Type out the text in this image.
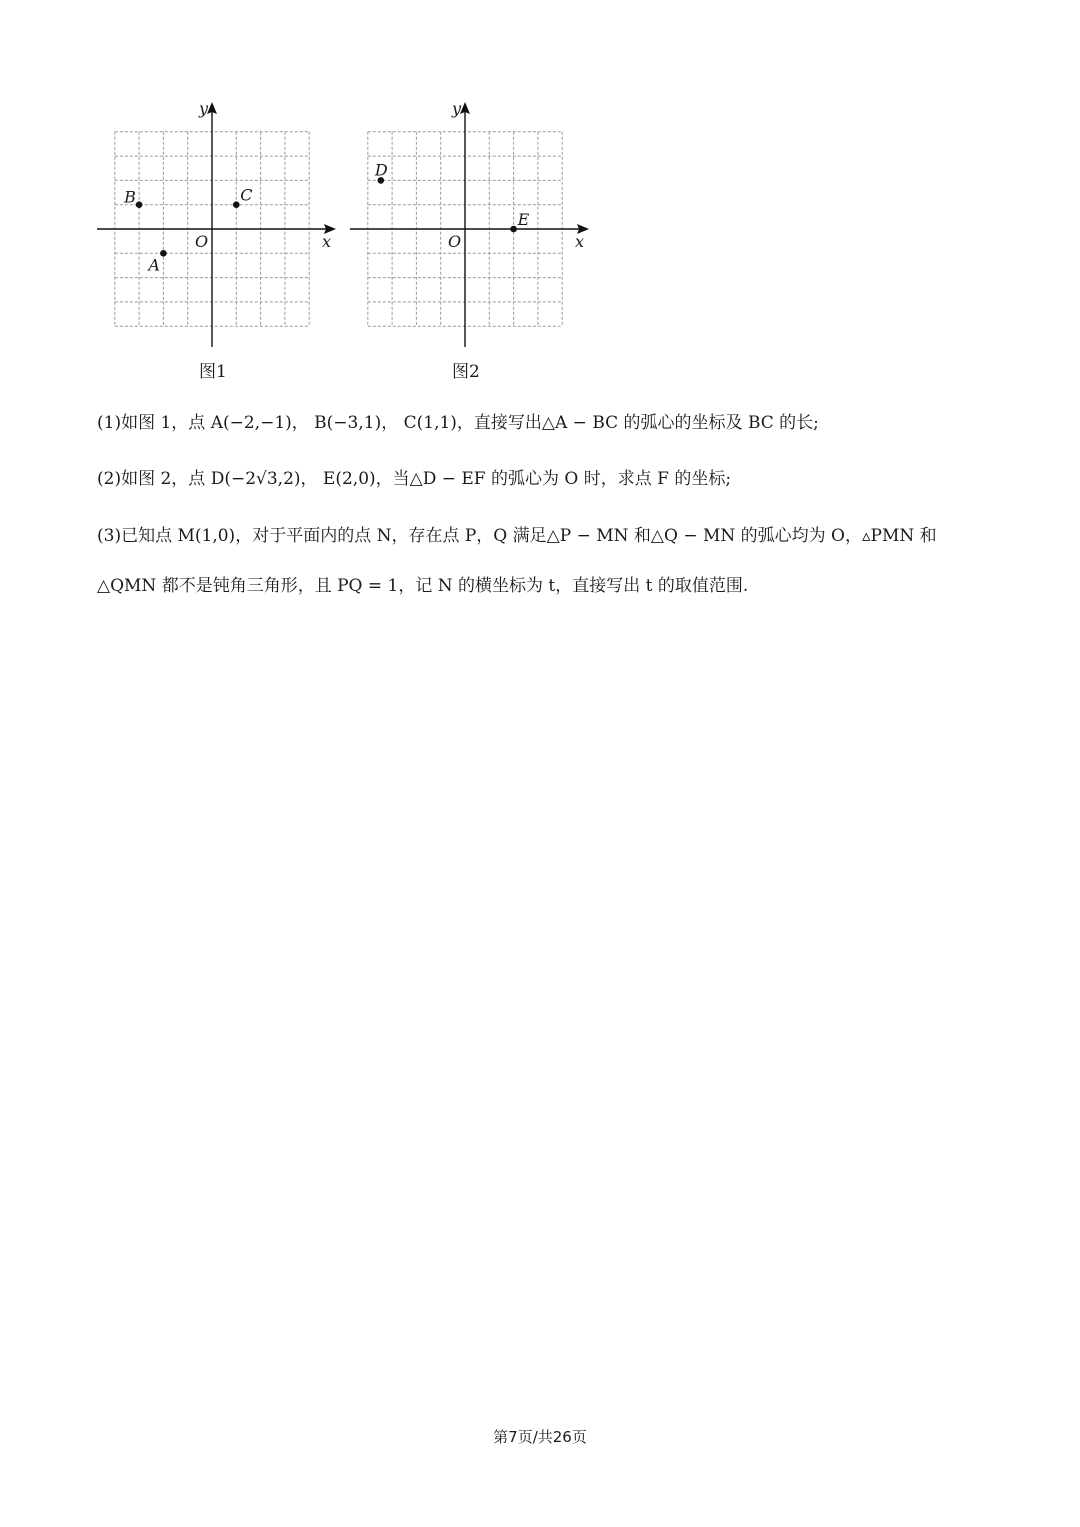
x
y
O
A
B	C
图1
x
y
O
D
E
图2
(1)如图 1，点 A(−2,−1)， B(−3,1)， C(1,1)，直接写出△A − BC 的弧心的坐标及 BC 的长;
(2)如图 2，点 D(−2√3,2)， E(2,0)，当△D − EF 的弧心为 O 时，求点 F 的坐标;
(3)已知点 M(1,0)，对于平面内的点 N，存在点 P，Q 满足△P − MN 和△Q − MN 的弧心均为 O，▵PMN 和
△QMN 都不是钝角三角形，且 PQ = 1，记 N 的横坐标为 t，直接写出 t 的取值范围.
第7页/共26页
